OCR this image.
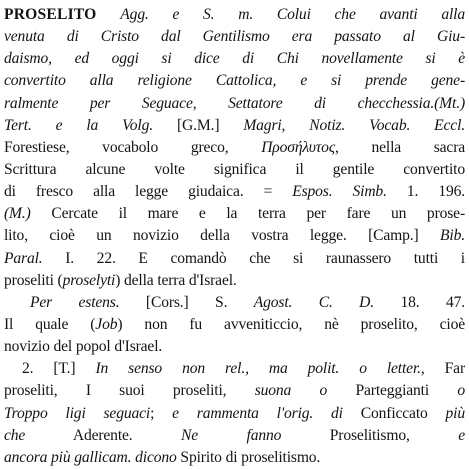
PROSELITO Agg. e S. m. Colui che avanti alla
venuta di Cristo dal Gentilismo era passato al Giu-
daismo, ed oggi si dice di Chi novellamente si è
convertito alla religione Cattolica, e si prende gene-
ralmente per Seguace, Settatore di checchessia.(Mt.)
Tert. e la Volg. [G.M.] Magri, Notiz. Vocab. Eccl.
Forestiese, vocabolo greco, Προσήλυτος, nella sacra
Scrittura alcune volte significa il gentile convertito
di fresco alla legge giudaica. = Espos. Simb. 1. 196.
(M.) Cercate il mare e la terra per fare un prose-
lito, cioè un novizio della vostra legge. [Camp.] Bib.
Paral. I. 22. E comandò che si raunassero tutti i
proseliti (proselyti) della terra d'Israel.
Per estens. [Cors.] S. Agost. C. D. 18. 47.
Il quale (Job) non fu avveniticcio, nè proselito, cioè
novizio del popol d'Israel.
2. [T.] In senso non rel., ma polit. o letter., Far
proseliti, I suoi proseliti, suona o Parteggianti o
Troppo ligi seguaci; e rammenta l'orig. di Conficcato più
che Aderente. Ne fanno Proselitismo, e
ancora più gallicam. dicono Spirito di proselitismo.
